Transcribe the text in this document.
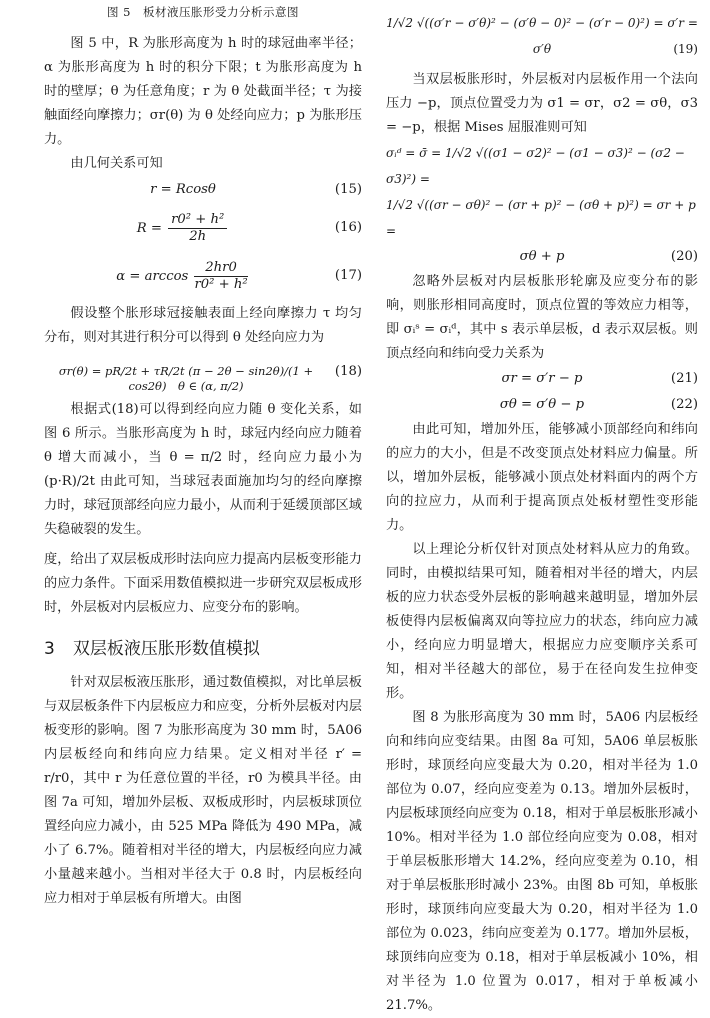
图 5　板材液压胀形受力分析示意图

图 5 中，R 为胀形高度为 h 时的球冠曲率半径；α 为胀形高度为 h 时的积分下限；t 为胀形高度为 h 时的壁厚；θ 为任意角度；r 为 θ 处截面半径；τ 为接触面经向摩擦力；σr(θ) 为 θ 处经向应力；p 为胀形压力。

由几何关系可知

r = Rcosθ	(15)
$R = \frac{\text{r0² + h²}}{2h}$	(16)
$\alpha = \arccos \frac{2hr0}{\text{r0² + h²}}$	(17)

假设整个胀形球冠接触表面上经向摩擦力 τ 均匀分布，则对其进行积分可以得到 θ 处经向应力为

σr(θ) = pR/2t + τR/2t (π − 2θ − sin2θ)/(1 + cos2θ)　θ ∈ (α, π/2)
(18)

根据式(18)可以得到经向应力随 θ 变化关系，如图 6 所示。当胀形高度为 h 时，球冠内经向应力随着 θ 增大而减小，当 θ = π/2 时，经向应力最小为 (p·R)/2t 由此可知，当球冠表面施加均匀的经向摩擦力时，球冠顶部经向应力最小，从而利于延缓顶部区域失稳破裂的发生。

度，给出了双层板成形时法向应力提高内层板变形能力的应力条件。下面采用数值模拟进一步研究双层板成形时，外层板对内层板应力、应变分布的影响。

3 双层板液压胀形数值模拟

针对双层板液压胀形，通过数值模拟，对比单层板与双层板条件下内层板应力和应变，分析外层板对内层板变形的影响。图 7 为胀形高度为 30 mm 时，5A06 内层板经向和纬向应力结果。定义相对半径 r′ = r/r0，其中 r 为任意位置的半径，r0 为模具半径。由图 7a 可知，增加外层板、双板成形时，内层板球顶位置经向应力减小，由 525 MPa 降低为 490 MPa，减小了 6.7%。随着相对半径的增大，内层板经向应力减小量越来越小。当相对半径大于 0.8 时，内层板经向应力相对于单层板有所增大。由图

1/√2 √((σ′r − σ′θ)² − (σ′θ − 0)² − (σ′r − 0)²) = σ′r = σ′θ	(19)

当双层板胀形时，外层板对内层板作用一个法向压力 −p，顶点位置受力为 σ1 = σr，σ2 = σθ，σ3 = −p，根据 Mises 屈服准则可知

σᵢᵈ = σ̄ = 1/√2 √((σ1 − σ2)² − (σ1 − σ3)² − (σ2 − σ3)²) =
1/√2 √((σr − σθ)² − (σr + p)² − (σθ + p)²) = σr + p =
σθ + p	(20)

忽略外层板对内层板胀形轮廓及应变分布的影响，则胀形相同高度时，顶点位置的等效应力相等，即 σᵢˢ = σᵢᵈ，其中 s 表示单层板，d 表示双层板。则顶点经向和纬向受力关系为

σr = σ′r − p	(21)
σθ = σ′θ − p	(22)

由此可知，增加外压，能够减小顶部经向和纬向的应力的大小，但是不改变顶点处材料应力偏量。所以，增加外层板，能够减小顶点处材料面内的两个方向的拉应力，从而利于提高顶点处板材塑性变形能力。

以上理论分析仅针对顶点处材料从应力的角致。同时，由模拟结果可知，随着相对半径的增大，内层板的应力状态受外层板的影响越来越明显，增加外层板使得内层板偏离双向等拉应力的状态，纬向应力减小，经向应力明显增大，根据应力应变顺序关系可知，相对半径越大的部位，易于在径向发生拉伸变形。

图 8 为胀形高度为 30 mm 时，5A06 内层板经向和纬向应变结果。由图 8a 可知，5A06 单层板胀形时，球顶经向应变最大为 0.20，相对半径为 1.0 部位为 0.07，经向应变差为 0.13。增加外层板时，内层板球顶经向应变为 0.18，相对于单层板胀形减小 10%。相对半径为 1.0 部位经向应变为 0.08，相对于单层板胀形增大 14.2%，经向应变差为 0.10，相对于单层板胀形时减小 23%。由图 8b 可知，单板胀形时，球顶纬向应变最大为 0.20，相对半径为 1.0 部位为 0.023，纬向应变差为 0.177。增加外层板，球顶纬向应变为 0.18，相对于单层板减小 10%，相对半径为 1.0 位置为 0.017，相对于单板减小 21.7%。
